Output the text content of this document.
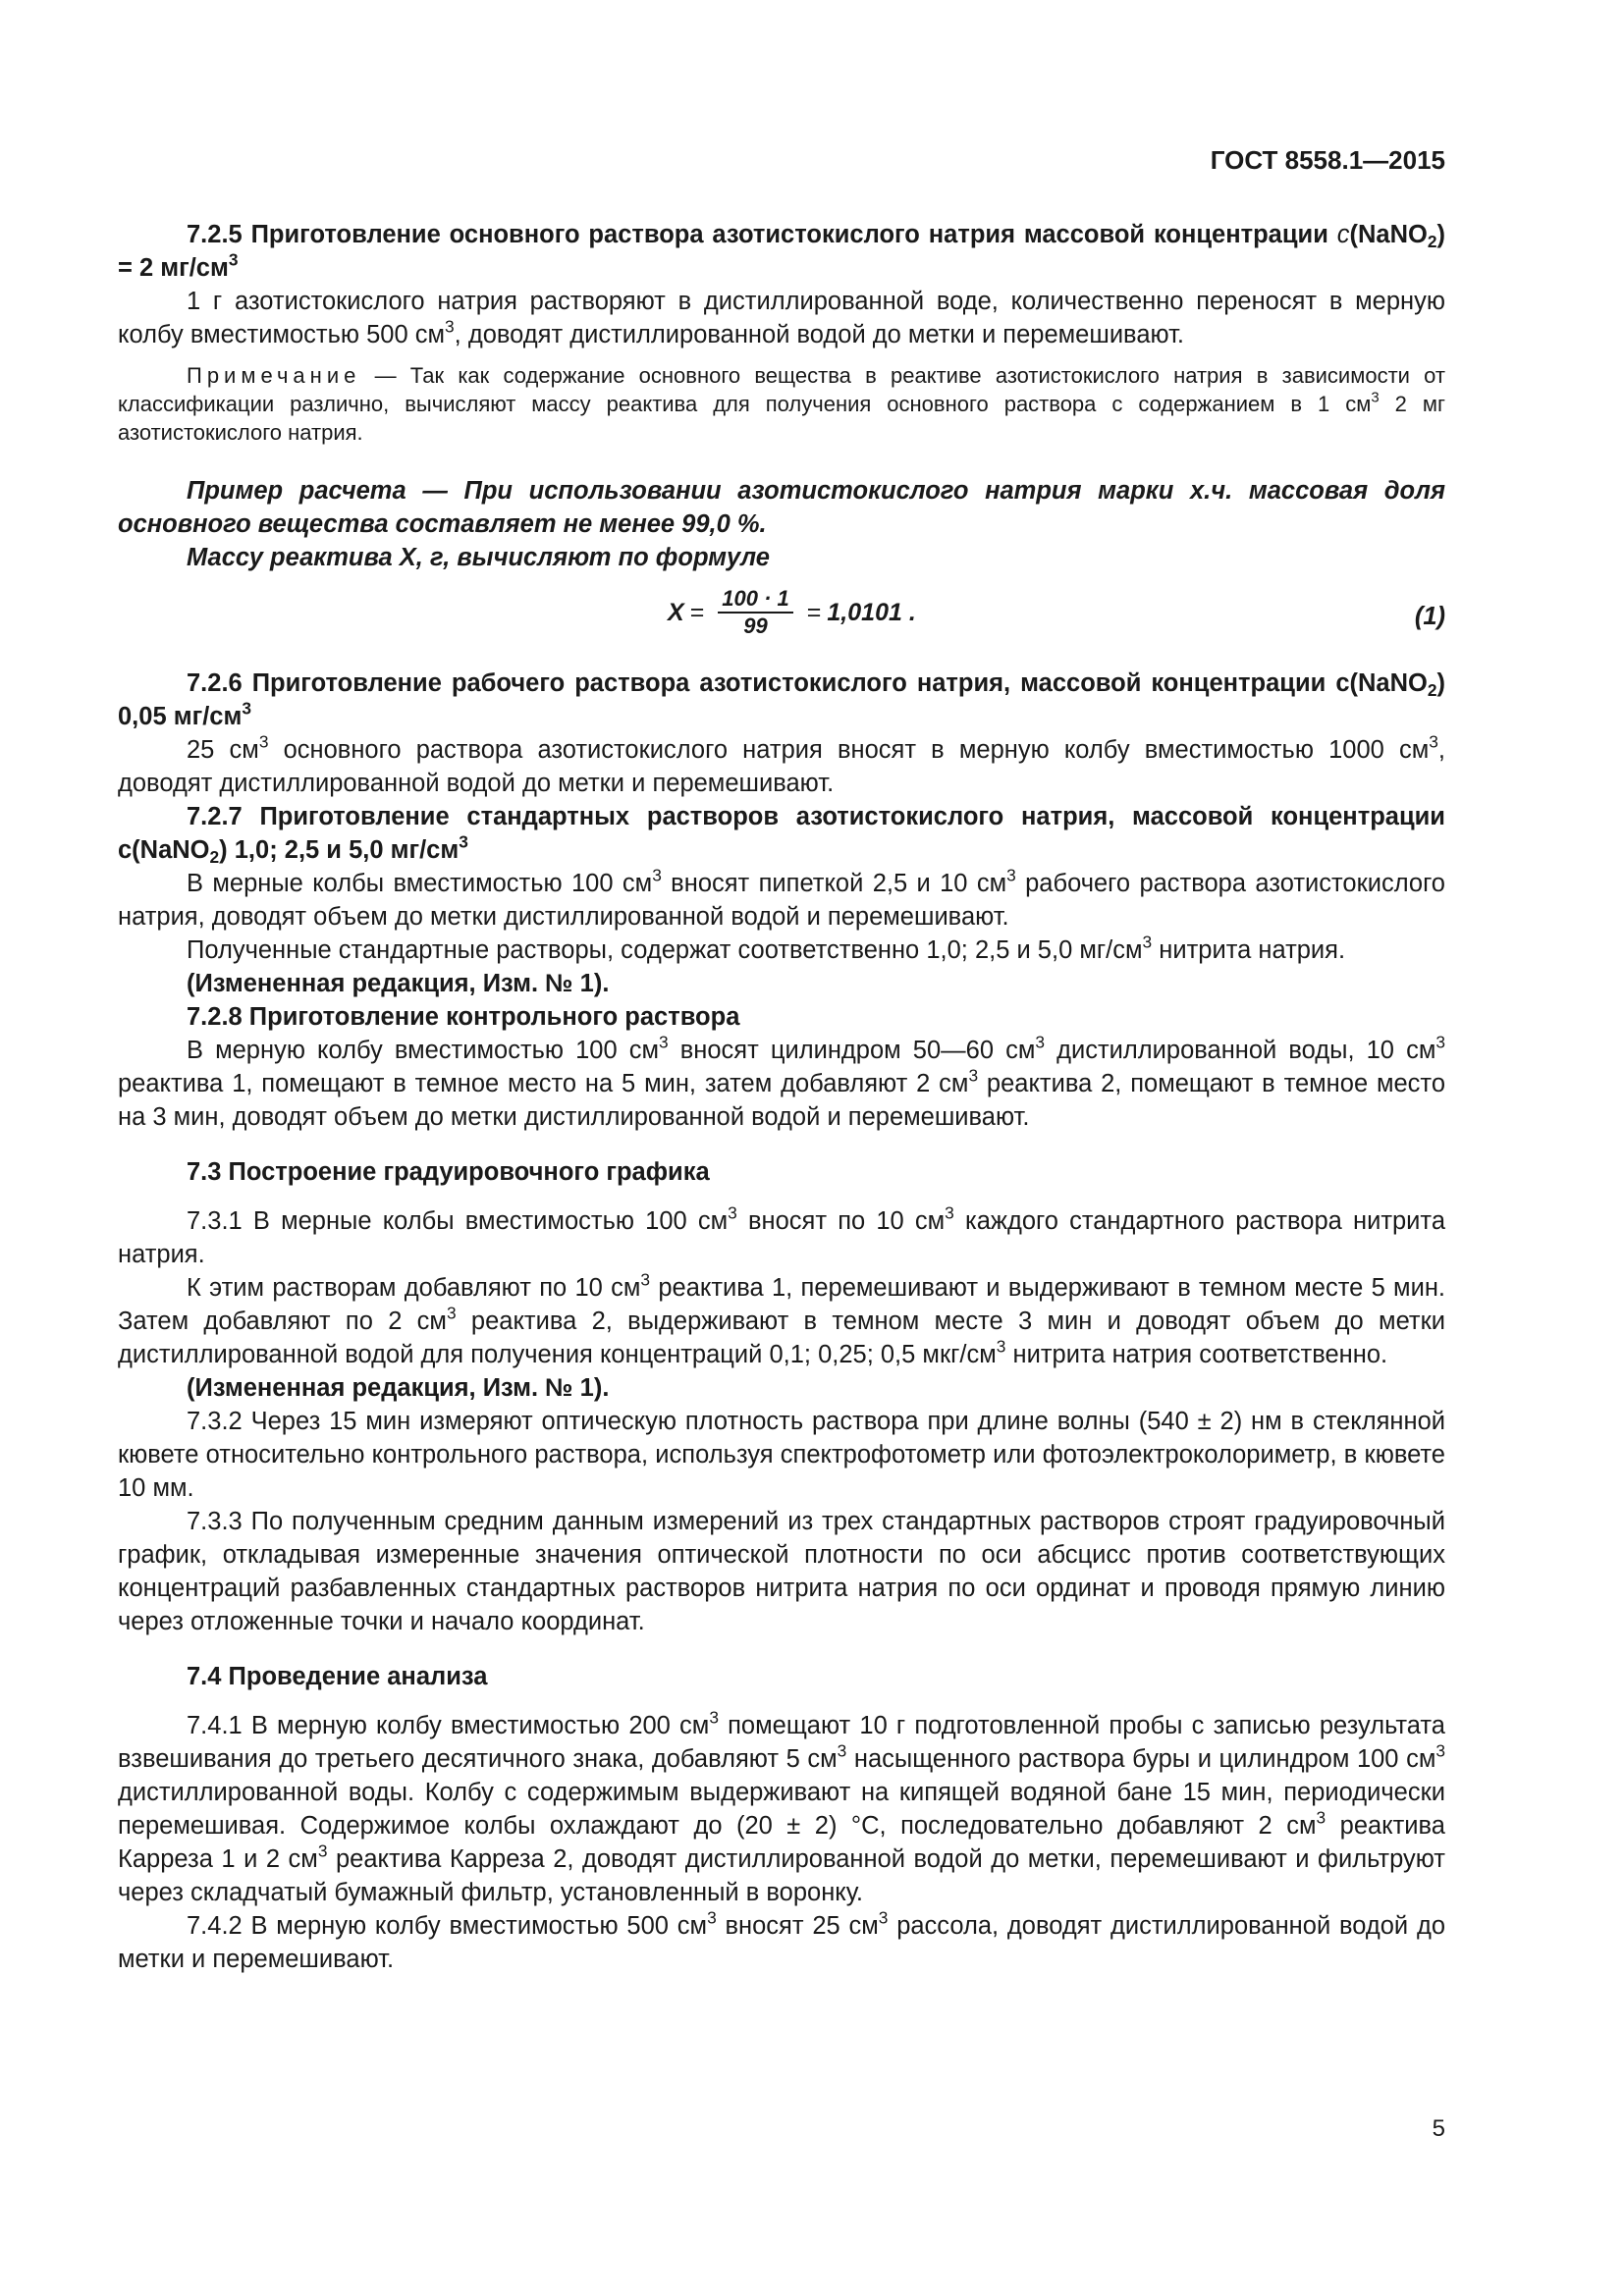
ГОСТ 8558.1—2015

7.2.5 Приготовление основного раствора азотистокислого натрия массовой концентрации c(NaNO$_2$) = 2 $мг/см^3$

1 г азотистокислого натрия растворяют в дистиллированной воде, количественно переносят в мерную колбу вместимостью 500 $см^3$, доводят дистиллированной водой до метки и перемешивают.

Примечание — Так как содержание основного вещества в реактиве азотистокислого натрия в зависимости от классификации различно, вычисляют массу реактива для получения основного раствора с содержанием в 1 $см^3$ 2 мг азотистокислого натрия.

Пример расчета — При использовании азотистокислого натрия марки х.ч. массовая доля основного вещества составляет не менее 99,0 %.

Массу реактива X, г, вычисляют по формуле

$X = \frac{100 \cdot 1}{99} = 1,0101$ .	(1)

7.2.6 Приготовление рабочего раствора азотистокислого натрия, массовой концентрации c(NaNO$_2$) 0,05 $мг/см^3$

25 $см^3$ основного раствора азотистокислого натрия вносят в мерную колбу вместимостью 1000 $см^3$, доводят дистиллированной водой до метки и перемешивают.

7.2.7 Приготовление стандартных растворов азотистокислого натрия, массовой концентрации c(NaNO$_2$) 1,0; 2,5 и 5,0 $мг/см^3$

В мерные колбы вместимостью 100 $см^3$ вносят пипеткой 2,5 и 10 $см^3$ рабочего раствора азотистокислого натрия, доводят объем до метки дистиллированной водой и перемешивают.

Полученные стандартные растворы, содержат соответственно 1,0; 2,5 и 5,0 $мг/см^3$ нитрита натрия.

(Измененная редакция, Изм. № 1).

7.2.8 Приготовление контрольного раствора

В мерную колбу вместимостью 100 $см^3$ вносят цилиндром 50—60 $см^3$ дистиллированной воды, 10 $см^3$ реактива 1, помещают в темное место на 5 мин, затем добавляют 2 $см^3$ реактива 2, помещают в темное место на 3 мин, доводят объем до метки дистиллированной водой и перемешивают.

7.3 Построение градуировочного графика

7.3.1 В мерные колбы вместимостью 100 $см^3$ вносят по 10 $см^3$ каждого стандартного раствора нитрита натрия.

К этим растворам добавляют по 10 $см^3$ реактива 1, перемешивают и выдерживают в темном месте 5 мин. Затем добавляют по 2 $см^3$ реактива 2, выдерживают в темном месте 3 мин и доводят объем до метки дистиллированной водой для получения концентраций 0,1; 0,25; 0,5 мкг/$см^3$ нитрита натрия соответственно.

(Измененная редакция, Изм. № 1).

7.3.2 Через 15 мин измеряют оптическую плотность раствора при длине волны (540 ± 2) нм в стеклянной кювете относительно контрольного раствора, используя спектрофотометр или фотоэлектроколориметр, в кювете 10 мм.

7.3.3 По полученным средним данным измерений из трех стандартных растворов строят градуировочный график, откладывая измеренные значения оптической плотности по оси абсцисс против соответствующих концентраций разбавленных стандартных растворов нитрита натрия по оси ординат и проводя прямую линию через отложенные точки и начало координат.

7.4 Проведение анализа

7.4.1 В мерную колбу вместимостью 200 $см^3$ помещают 10 г подготовленной пробы с записью результата взвешивания до третьего десятичного знака, добавляют 5 $см^3$ насыщенного раствора буры и цилиндром 100 $см^3$ дистиллированной воды. Колбу с содержимым выдерживают на кипящей водяной бане 15 мин, периодически перемешивая. Содержимое колбы охлаждают до (20 ± 2) °С, последовательно добавляют 2 $см^3$ реактива Карреза 1 и 2 $см^3$ реактива Карреза 2, доводят дистиллированной водой до метки, перемешивают и фильтруют через складчатый бумажный фильтр, установленный в воронку.

7.4.2 В мерную колбу вместимостью 500 $см^3$ вносят 25 $см^3$ рассола, доводят дистиллированной водой до метки и перемешивают.

5
